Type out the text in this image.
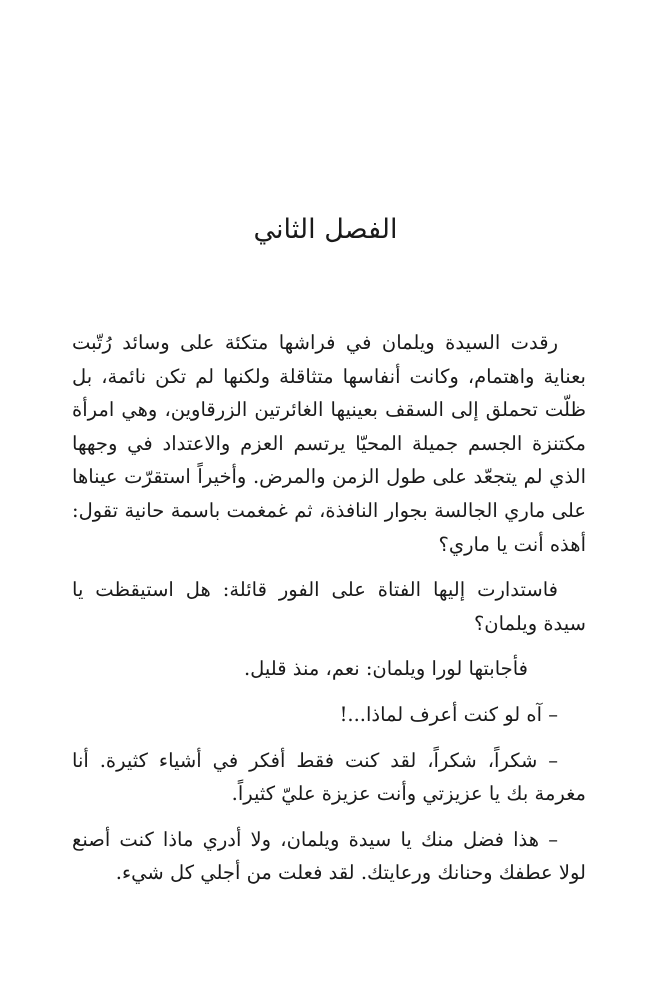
الفصل الثاني

رقدت السيدة ويلمان في فراشها متكئة على وسائد رُتّبت بعناية واهتمام، وكانت أنفاسها متثاقلة ولكنها لم تكن نائمة، بل ظلّت تحملق إلى السقف بعينيها الغائرتين الزرقاوين، وهي امرأة مكتنزة الجسم جميلة المحيّا يرتسم العزم والاعتداد في وجهها الذي لم يتجعّد على طول الزمن والمرض. وأخيراً استقرّت عيناها على ماري الجالسة بجوار النافذة، ثم غمغمت باسمة حانية تقول: أهذه أنت يا ماري؟

فاستدارت إليها الفتاة على الفور قائلة: هل استيقظت يا سيدة ويلمان؟

فأجابتها لورا ويلمان: نعم، منذ قليل.

– آه لو كنت أعرف لماذا...!

– شكراً، شكراً، لقد كنت فقط أفكر في أشياء كثيرة. أنا مغرمة بك يا عزيزتي وأنت عزيزة عليّ كثيراً.

– هذا فضل منك يا سيدة ويلمان، ولا أدري ماذا كنت أصنع لولا عطفك وحنانك ورعايتك. لقد فعلت من أجلي كل شيء.
